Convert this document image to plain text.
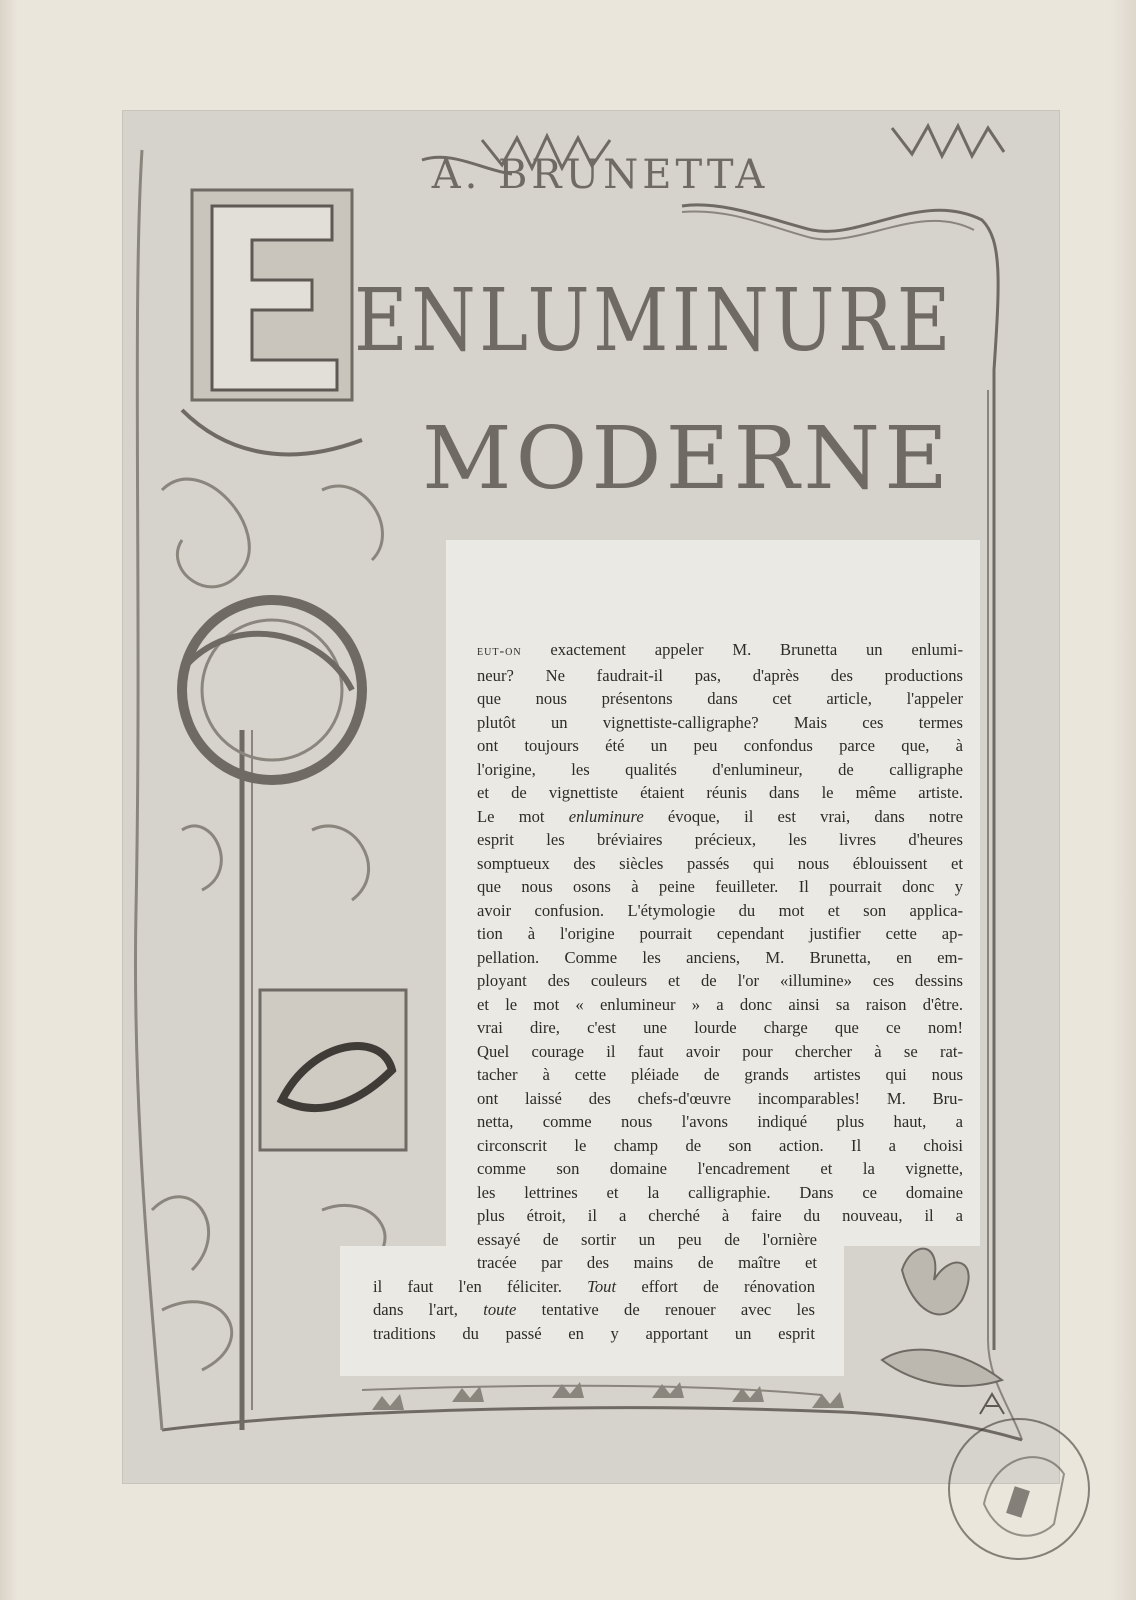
A. BRUNETTA
ENLUMINURE
MODERNE
eut-on exactement appeler M. Brunetta un enlumi-
neur? Ne faudrait-il pas, d'après des productions
que nous présentons dans cet article, l'appeler
plutôt un vignettiste-calligraphe? Mais ces termes
ont toujours été un peu confondus parce que, à
l'origine, les qualités d'enlumineur, de calligraphe
et de vignettiste étaient réunis dans le même artiste.
Le mot enluminure évoque, il est vrai, dans notre
esprit les bréviaires précieux, les livres d'heures
somptueux des siècles passés qui nous éblouissent et
que nous osons à peine feuilleter. Il pourrait donc y
avoir confusion. L'étymologie du mot et son applica-
tion à l'origine pourrait cependant justifier cette ap-
pellation. Comme les anciens, M. Brunetta, en em-
ployant des couleurs et de l'or «illumine» ces dessins
et le mot « enlumineur » a donc ainsi sa raison d'être.
vrai dire, c'est une lourde charge que ce nom!
Quel courage il faut avoir pour chercher à se rat-
tacher à cette pléiade de grands artistes qui nous
ont laissé des chefs-d'œuvre incomparables! M. Bru-
netta, comme nous l'avons indiqué plus haut, a
circonscrit le champ de son action. Il a choisi
comme son domaine l'encadrement et la vignette,
les lettrines et la calligraphie. Dans ce domaine
plus étroit, il a cherché à faire du nouveau, il a
essayé de sortir un peu de l'ornière
tracée par des mains de maître et
il faut l'en féliciter. Tout effort de rénovation
dans l'art, toute tentative de renouer avec les
traditions du passé en y apportant un esprit
